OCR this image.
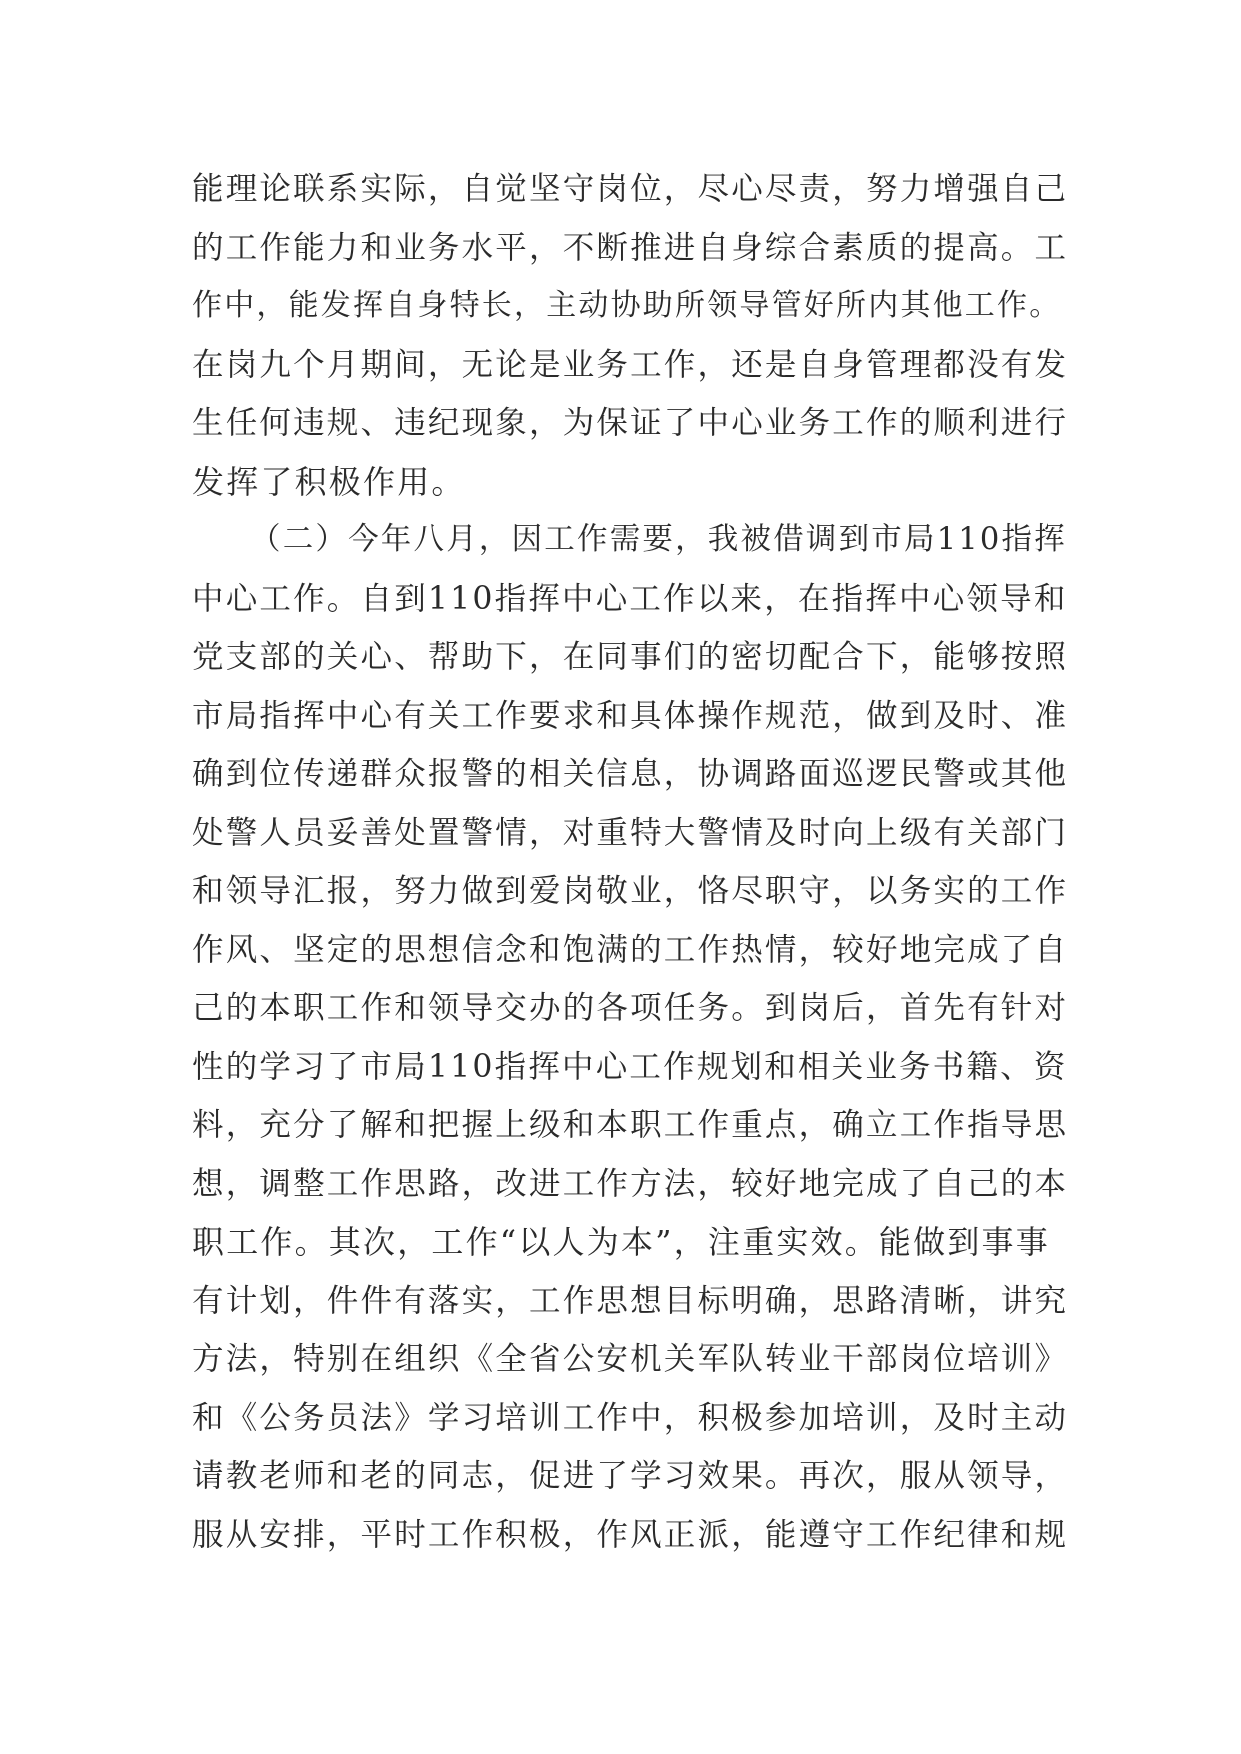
能理论联系实际，自觉坚守岗位，尽心尽责，努力增强自己
的工作能力和业务水平，不断推进自身综合素质的提高。工
作中，能发挥自身特长，主动协助所领导管好所内其他工作。
在岗九个月期间，无论是业务工作，还是自身管理都没有发
生任何违规、违纪现象，为保证了中心业务工作的顺利进行
发挥了积极作用。
（二）今年八月，因工作需要，我被借调到市局110指挥
中心工作。自到110指挥中心工作以来，在指挥中心领导和
党支部的关心、帮助下，在同事们的密切配合下，能够按照
市局指挥中心有关工作要求和具体操作规范，做到及时、准
确到位传递群众报警的相关信息，协调路面巡逻民警或其他
处警人员妥善处置警情，对重特大警情及时向上级有关部门
和领导汇报，努力做到爱岗敬业，恪尽职守，以务实的工作
作风、坚定的思想信念和饱满的工作热情，较好地完成了自
己的本职工作和领导交办的各项任务。到岗后，首先有针对
性的学习了市局110指挥中心工作规划和相关业务书籍、资
料，充分了解和把握上级和本职工作重点，确立工作指导思
想，调整工作思路，改进工作方法，较好地完成了自己的本
职工作。其次，工作“以人为本”，注重实效。能做到事事
有计划，件件有落实，工作思想目标明确，思路清晰，讲究
方法，特别在组织《全省公安机关军队转业干部岗位培训》
和《公务员法》学习培训工作中，积极参加培训，及时主动
请教老师和老的同志，促进了学习效果。再次，服从领导，
服从安排，平时工作积极，作风正派，能遵守工作纪律和规
